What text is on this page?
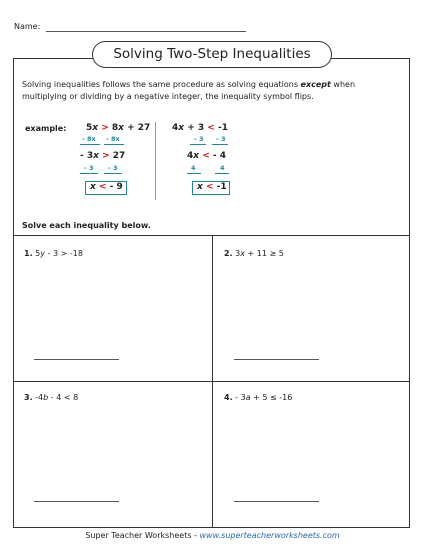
Name:
Solving Two-Step Inequalities
Solving inequalities follows the same procedure as solving equations except when multiplying or dividing by a negative integer, the inequality symbol flips.
example: 5x > 8x + 27
- 8x - 8x
- 3x > 27
- 3 - 3
x < - 9
4x + 3 < -1
- 3 - 3
4x < - 4
4	4
x < -1
Solve each inequality below.
1. 5y - 3 > -18	2. 3x + 11 ≥ 5
3. -4b - 4 < 8	4. - 3a + 5 ≤ -16
Super Teacher Worksheets - www.superteacherworksheets.com
